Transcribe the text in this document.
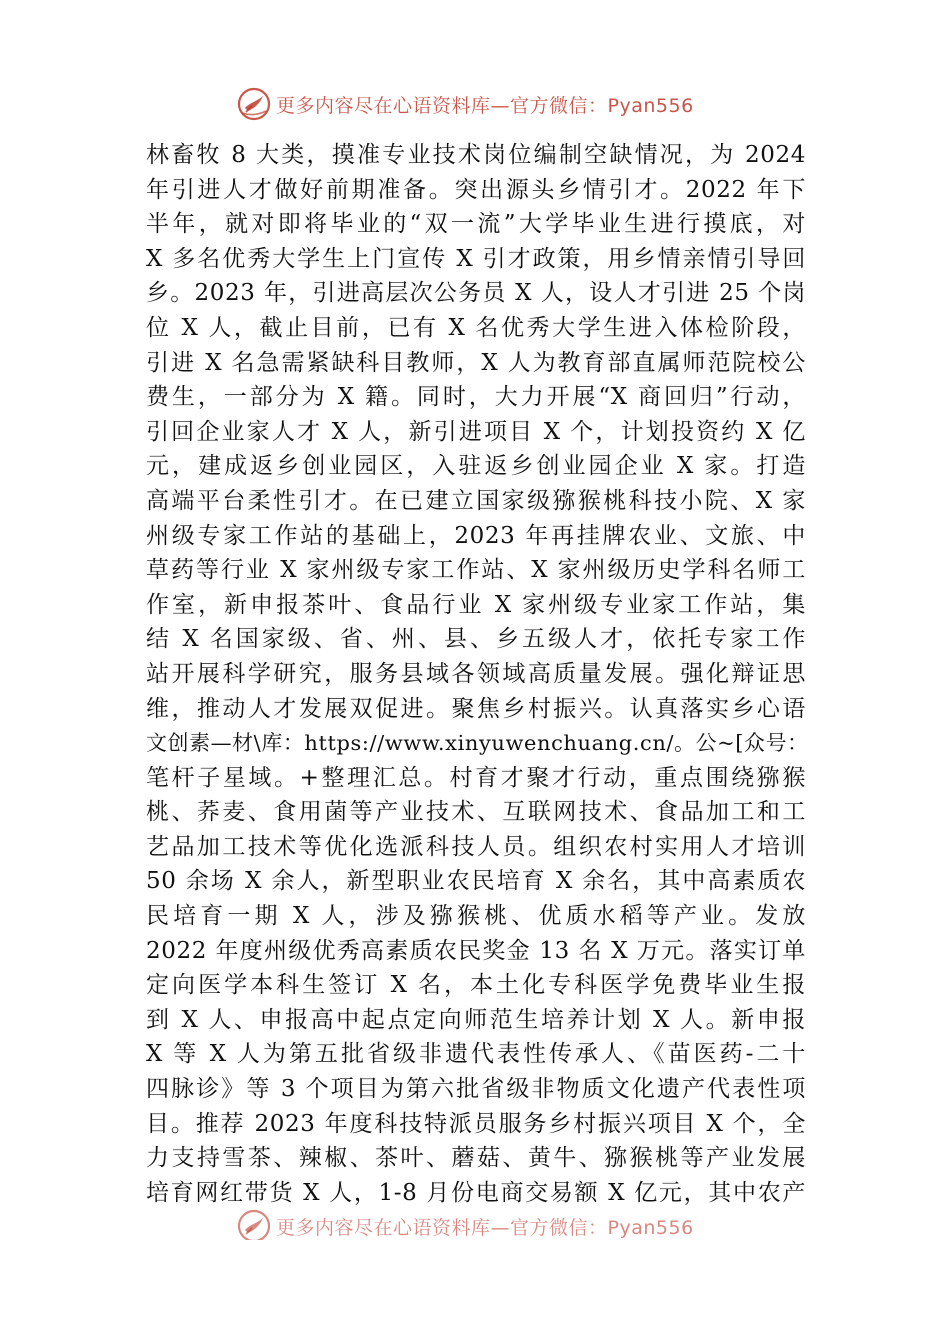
更多内容尽在心语资料库—官方微信：Pyan556
林畜牧 8 大类，摸准专业技术岗位编制空缺情况，为 2024
年引进人才做好前期准备。突出源头乡情引才。2022 年下
半年，就对即将毕业的“双一流”大学毕业生进行摸底，对
X 多名优秀大学生上门宣传 X 引才政策，用乡情亲情引导回
乡。2023 年，引进高层次公务员 X 人，设人才引进 25 个岗
位 X 人，截止目前，已有 X 名优秀大学生进入体检阶段，
引进 X 名急需紧缺科目教师，X 人为教育部直属师范院校公
费生，一部分为 X 籍。同时，大力开展“X 商回归”行动，
引回企业家人才 X 人，新引进项目 X 个，计划投资约 X 亿
元，建成返乡创业园区，入驻返乡创业园企业 X 家。打造
高端平台柔性引才。在已建立国家级猕猴桃科技小院、X 家
州级专家工作站的基础上，2023 年再挂牌农业、文旅、中
草药等行业 X 家州级专家工作站、X 家州级历史学科名师工
作室，新申报茶叶、食品行业 X 家州级专业家工作站，集
结 X 名国家级、省、州、县、乡五级人才，依托专家工作
站开展科学研究，服务县域各领域高质量发展。强化辩证思
维，推动人才发展双促进。聚焦乡村振兴。认真落实乡心语
文创素—材\库：https://www.xinyuwenchuang.cn/。公~[众号：
笔杆子星域。+整理汇总。村育才聚才行动，重点围绕猕猴
桃、荞麦、食用菌等产业技术、互联网技术、食品加工和工
艺品加工技术等优化选派科技人员。组织农村实用人才培训
50 余场 X 余人，新型职业农民培育 X 余名，其中高素质农
民培育一期 X 人，涉及猕猴桃、优质水稻等产业。发放
2022 年度州级优秀高素质农民奖金 13 名 X 万元。落实订单
定向医学本科生签订 X 名，本土化专科医学免费毕业生报
到 X 人、申报高中起点定向师范生培养计划 X 人。新申报
X 等 X 人为第五批省级非遗代表性传承人、《苗医药-二十
四脉诊》等 3 个项目为第六批省级非物质文化遗产代表性项
目。推荐 2023 年度科技特派员服务乡村振兴项目 X 个，全
力支持雪茶、辣椒、茶叶、蘑菇、黄牛、猕猴桃等产业发展
培育网红带货 X 人，1-8 月份电商交易额 X 亿元，其中农产
更多内容尽在心语资料库—官方微信：Pyan556
